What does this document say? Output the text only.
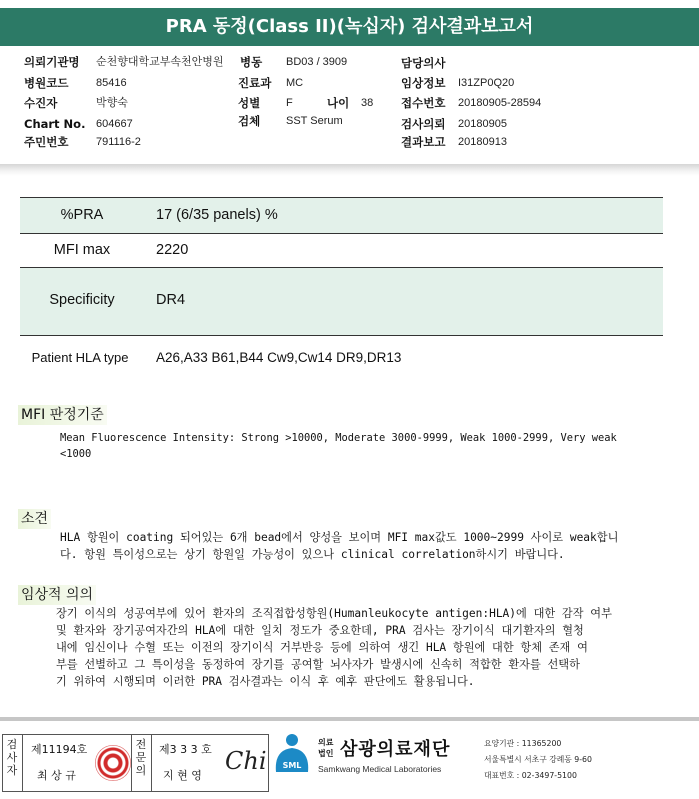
PRA 동정(Class II)(녹십자) 검사결과보고서
의뢰기관명 순천향대학교부속천안병원
병원코드	85416
수진자	박향숙
Chart No. 604667
주민번호	791116-2
병동 BD03 / 3909
진료과 MC
성별 F	나이 38
검체 SST Serum
담당의사
임상정보 I31ZP0Q20
접수번호 20180905-28594
검사의뢰 20180905
결과보고 20180913
%PRA	17 (6/35 panels) %
MFI max	2220
Specificity	DR4
Patient HLA type	A26,A33 B61,B44 Cw9,Cw14 DR9,DR13
MFI 판정기준
Mean Fluorescence Intensity: Strong >10000, Moderate 3000-9999, Weak 1000-2999, Very weak
<1000
소견
HLA 항원이 coating 되어있는 6개 bead에서 양성을 보이며 MFI max값도 1000~2999 사이로 weak합니
다. 항원 특이성으로는 상기 항원일 가능성이 있으나 clinical correlation하시기 바랍니다.
임상적 의의
장기 이식의 성공여부에 있어 환자의 조직접합성항원(Humanleukocyte antigen:HLA)에 대한 감작 여부
및 환자와 장기공여자간의 HLA에 대한 일치 정도가 중요한데, PRA 검사는 장기이식 대기환자의 혈청
내에 임신이나 수혈 또는 이전의 장기이식 거부반응 등에 의하여 생긴 HLA 항원에 대한 항체 존재 여
부를 선별하고 그 특이성을 동정하여 장기를 공여할 뇌사자가 발생시에 신속히 적합한 환자를 선택하
기 위하여 시행되며 이러한 PRA 검사결과는 이식 후 예후 판단에도 활용됩니다.
검사자
제11194호
최 상 규
전문의
제3 3 3 호
지 현 영
Chi SML
의료
법인 삼광의료재단
Samkwang Medical Laboratories
요양기관 : 11365200
서울특별시 서초구 강례동 9-60
대표번호 : 02-3497-5100
